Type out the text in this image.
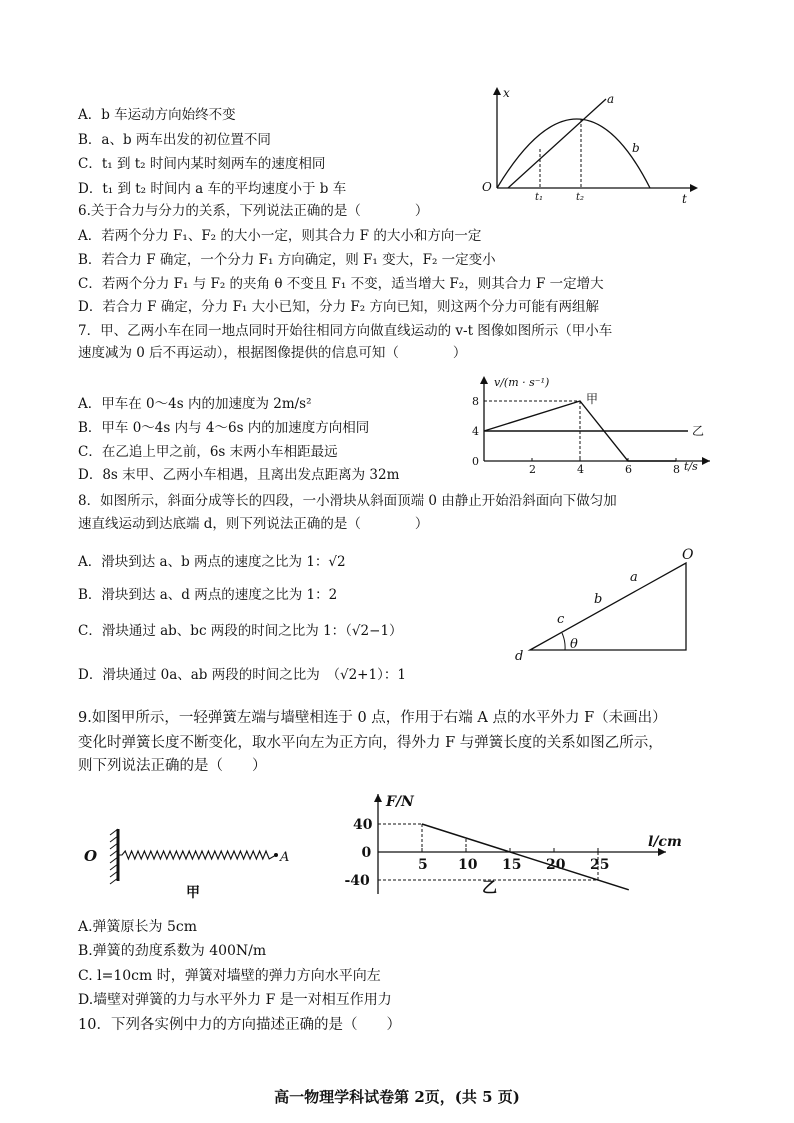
A．b 车运动方向始终不变
B．a、b 两车出发的初位置不同
C．t₁ 到 t₂ 时间内某时刻两车的速度相同
D．t₁ 到 t₂ 时间内 a 车的平均速度小于 b 车
x
t
O
a
b
t₁	t₂
6.关于合力与分力的关系，下列说法正确的是（　　　　）
A．若两个分力 F₁、F₂ 的大小一定，则其合力 F 的大小和方向一定
B．若合力 F 确定，一个分力 F₁ 方向确定，则 F₁ 变大，F₂ 一定变小
C．若两个分力 F₁ 与 F₂ 的夹角 θ 不变且 F₁ 不变，适当增大 F₂，则其合力 F 一定增大
D．若合力 F 确定，分力 F₁ 大小已知，分力 F₂ 方向已知，则这两个分力可能有两组解
7．甲、乙两小车在同一地点同时开始往相同方向做直线运动的 v-t 图像如图所示（甲小车
速度减为 0 后不再运动），根据图像提供的信息可知（　　　　）
A．甲车在 0～4s 内的加速度为 2m/s²
B．甲车 0～4s 内与 4～6s 内的加速度方向相同
C．在乙追上甲之前，6s 末两小车相距最远
D．8s 末甲、乙两小车相遇，且离出发点距离为 32m
v/(m · s⁻¹)
t/s
2	4	6	8
0
4
8	甲
乙
8．如图所示，斜面分成等长的四段，一小滑块从斜面顶端 0 由静止开始沿斜面向下做匀加
速直线运动到达底端 d，则下列说法正确的是（　　　　）
A．滑块到达 a、b 两点的速度之比为 1：√2
B．滑块到达 a、d 两点的速度之比为 1：2
C．滑块通过 ab、bc 两段的时间之比为 1：（√2−1）
D．滑块通过 0a、ab 两段的时间之比为　（√2+1）：1
O
a
b
c
d
θ
9.如图甲所示，一轻弹簧左端与墙壁相连于 0 点，作用于右端 A 点的水平外力 F（未画出）
变化时弹簧长度不断变化，取水平向左为正方向，得外力 F 与弹簧长度的关系如图乙所示，
则下列说法正确的是（　　）
O	A
甲
F/N
l/cm
乙
5 10 15 20 25
40
0
-40
A.弹簧原长为 5cm
B.弹簧的劲度系数为 400N/m
C. l=10cm 时，弹簧对墙壁的弹力方向水平向左
D.墙壁对弹簧的力与水平外力 F 是一对相互作用力
10．下列各实例中力的方向描述正确的是（　　）
高一物理学科试卷第 2页，(共 5 页)
